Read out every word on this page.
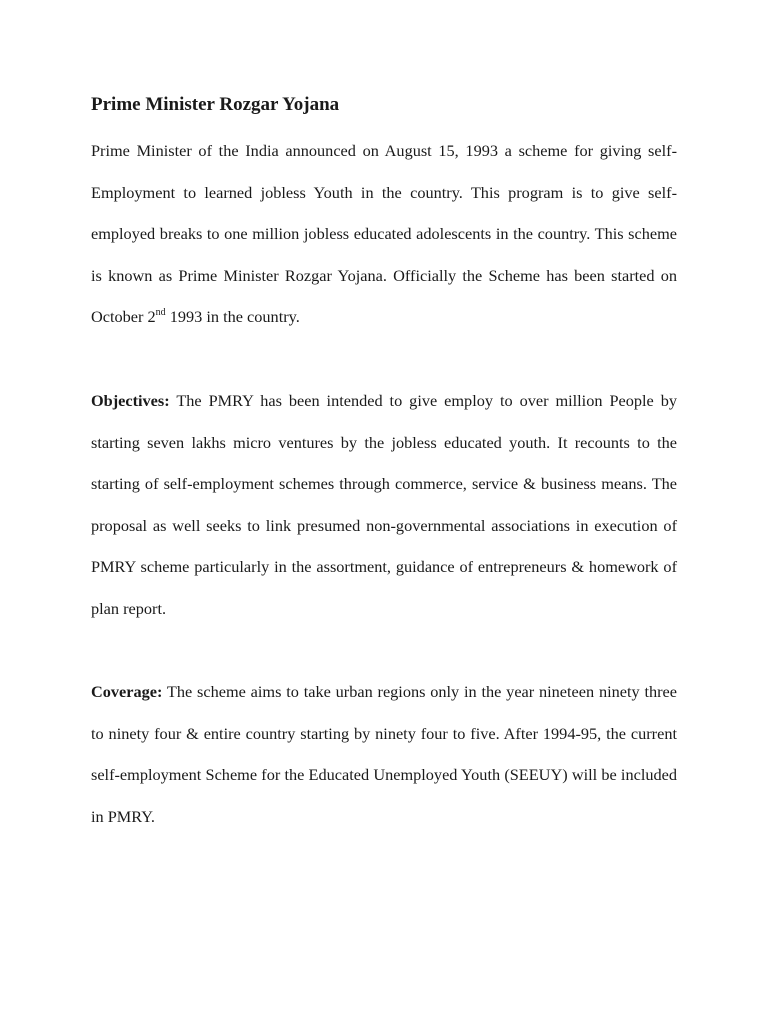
Prime Minister Rozgar Yojana

Prime Minister of the India announced on August 15, 1993 a scheme for giving self-Employment to learned jobless Youth in the country. This program is to give self-employed breaks to one million jobless educated adolescents in the country. This scheme is known as Prime Minister Rozgar Yojana. Officially the Scheme has been started on October 2nd 1993 in the country.

Objectives: The PMRY has been intended to give employ to over million People by starting seven lakhs micro ventures by the jobless educated youth. It recounts to the starting of self-employment schemes through commerce, service & business means. The proposal as well seeks to link presumed non-governmental associations in execution of PMRY scheme particularly in the assortment, guidance of entrepreneurs & homework of plan report.

Coverage: The scheme aims to take urban regions only in the year nineteen ninety three to ninety four & entire country starting by ninety four to five. After 1994-95, the current self-employment Scheme for the Educated Unemployed Youth (SEEUY) will be included in PMRY.
